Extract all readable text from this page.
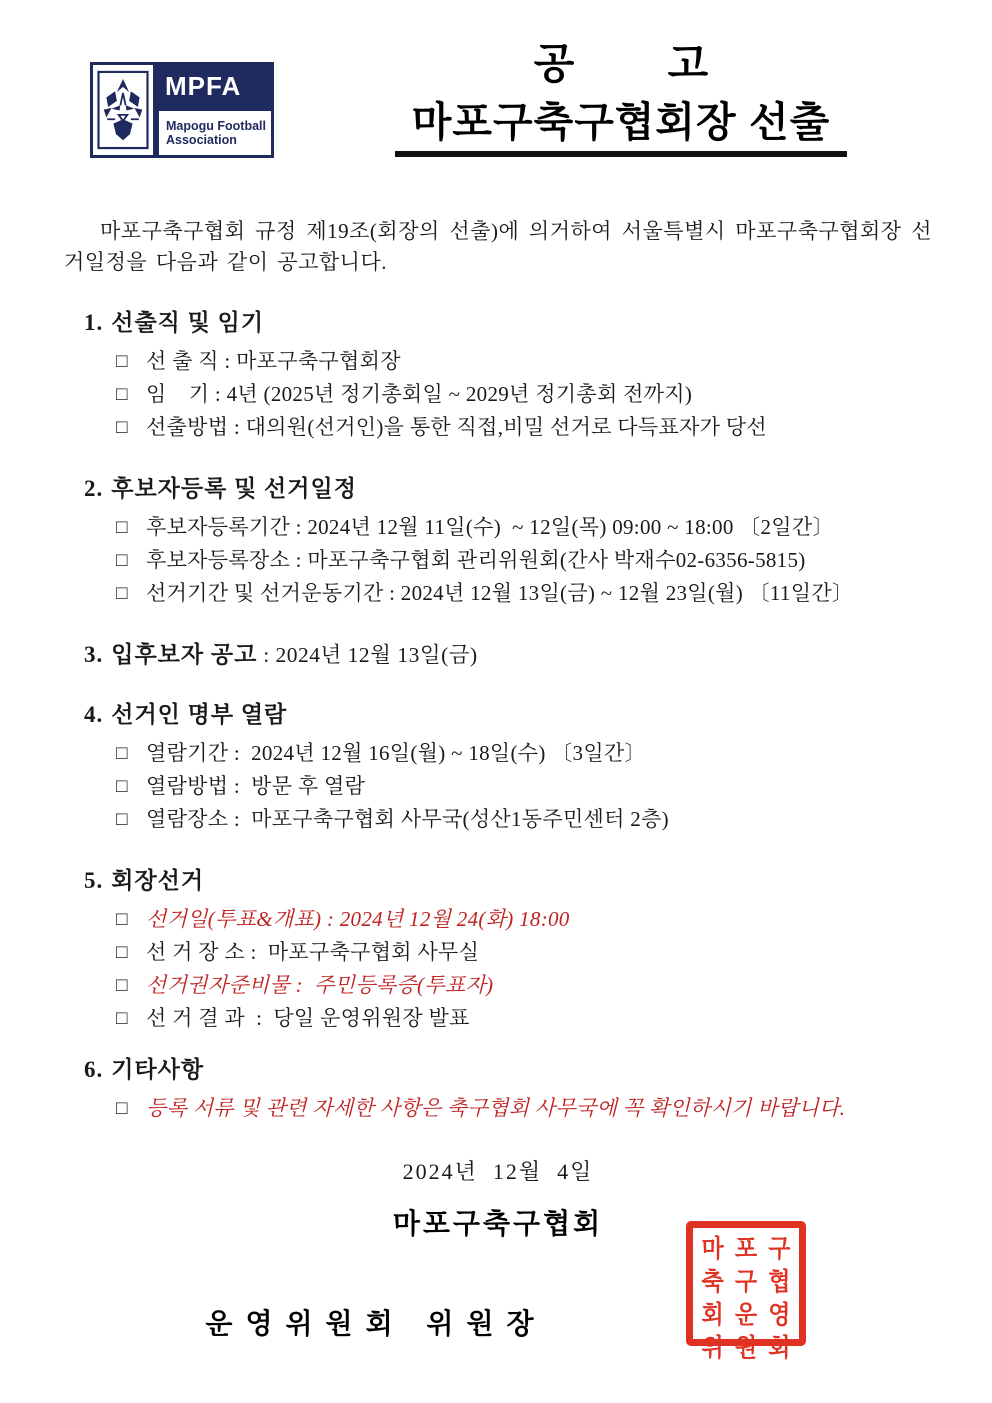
MPFA
Mapogu Football
Association
공        고
마포구축구협회장 선출

마포구축구협회 규정 제19조(회장의 선출)에 의거하여 서울특별시 마포구축구협회장 선거일정을 다음과 같이 공고합니다.

1. 선출직 및 임기
□ 선 출 직 : 마포구축구협회장
□ 임    기 : 4년 (2025년 정기총회일 ~ 2029년 정기총회 전까지)
□ 선출방법 : 대의원(선거인)을 통한 직접,비밀 선거로 다득표자가 당선
2. 후보자등록 및 선거일정
□ 후보자등록기간 : 2024년 12월 11일(수)  ~ 12일(목) 09:00 ~ 18:00 〔2일간〕
□ 후보자등록장소 : 마포구축구협회 관리위원회(간사 박재수02-6356-5815)
□ 선거기간 및 선거운동기간 : 2024년 12월 13일(금) ~ 12월 23일(월) 〔11일간〕
3. 입후보자 공고 : 2024년 12월 13일(금)
4. 선거인 명부 열람
□ 열람기간 :  2024년 12월 16일(월) ~ 18일(수) 〔3일간〕
□ 열람방법 :  방문 후 열람
□ 열람장소 :  마포구축구협회 사무국(성산1동주민센터 2층)
5. 회장선거
□ 선거일(투표&개표) : 2024년 12월 24(화) 18:00
□ 선 거 장 소 :  마포구축구협회 사무실
□ 선거권자준비물 :  주민등록증(투표자)
□ 선 거 결 과  :  당일 운영위원장 발표
6. 기타사항
□ 등록 서류 및 관련 자세한 사항은 축구협회 사무국에 꼭 확인하시기 바랍니다.
2024년  12월  4일
마포구축구협회
운영위원회 위원장
마 포 구
축 구 협
회 운 영
위 원 회
